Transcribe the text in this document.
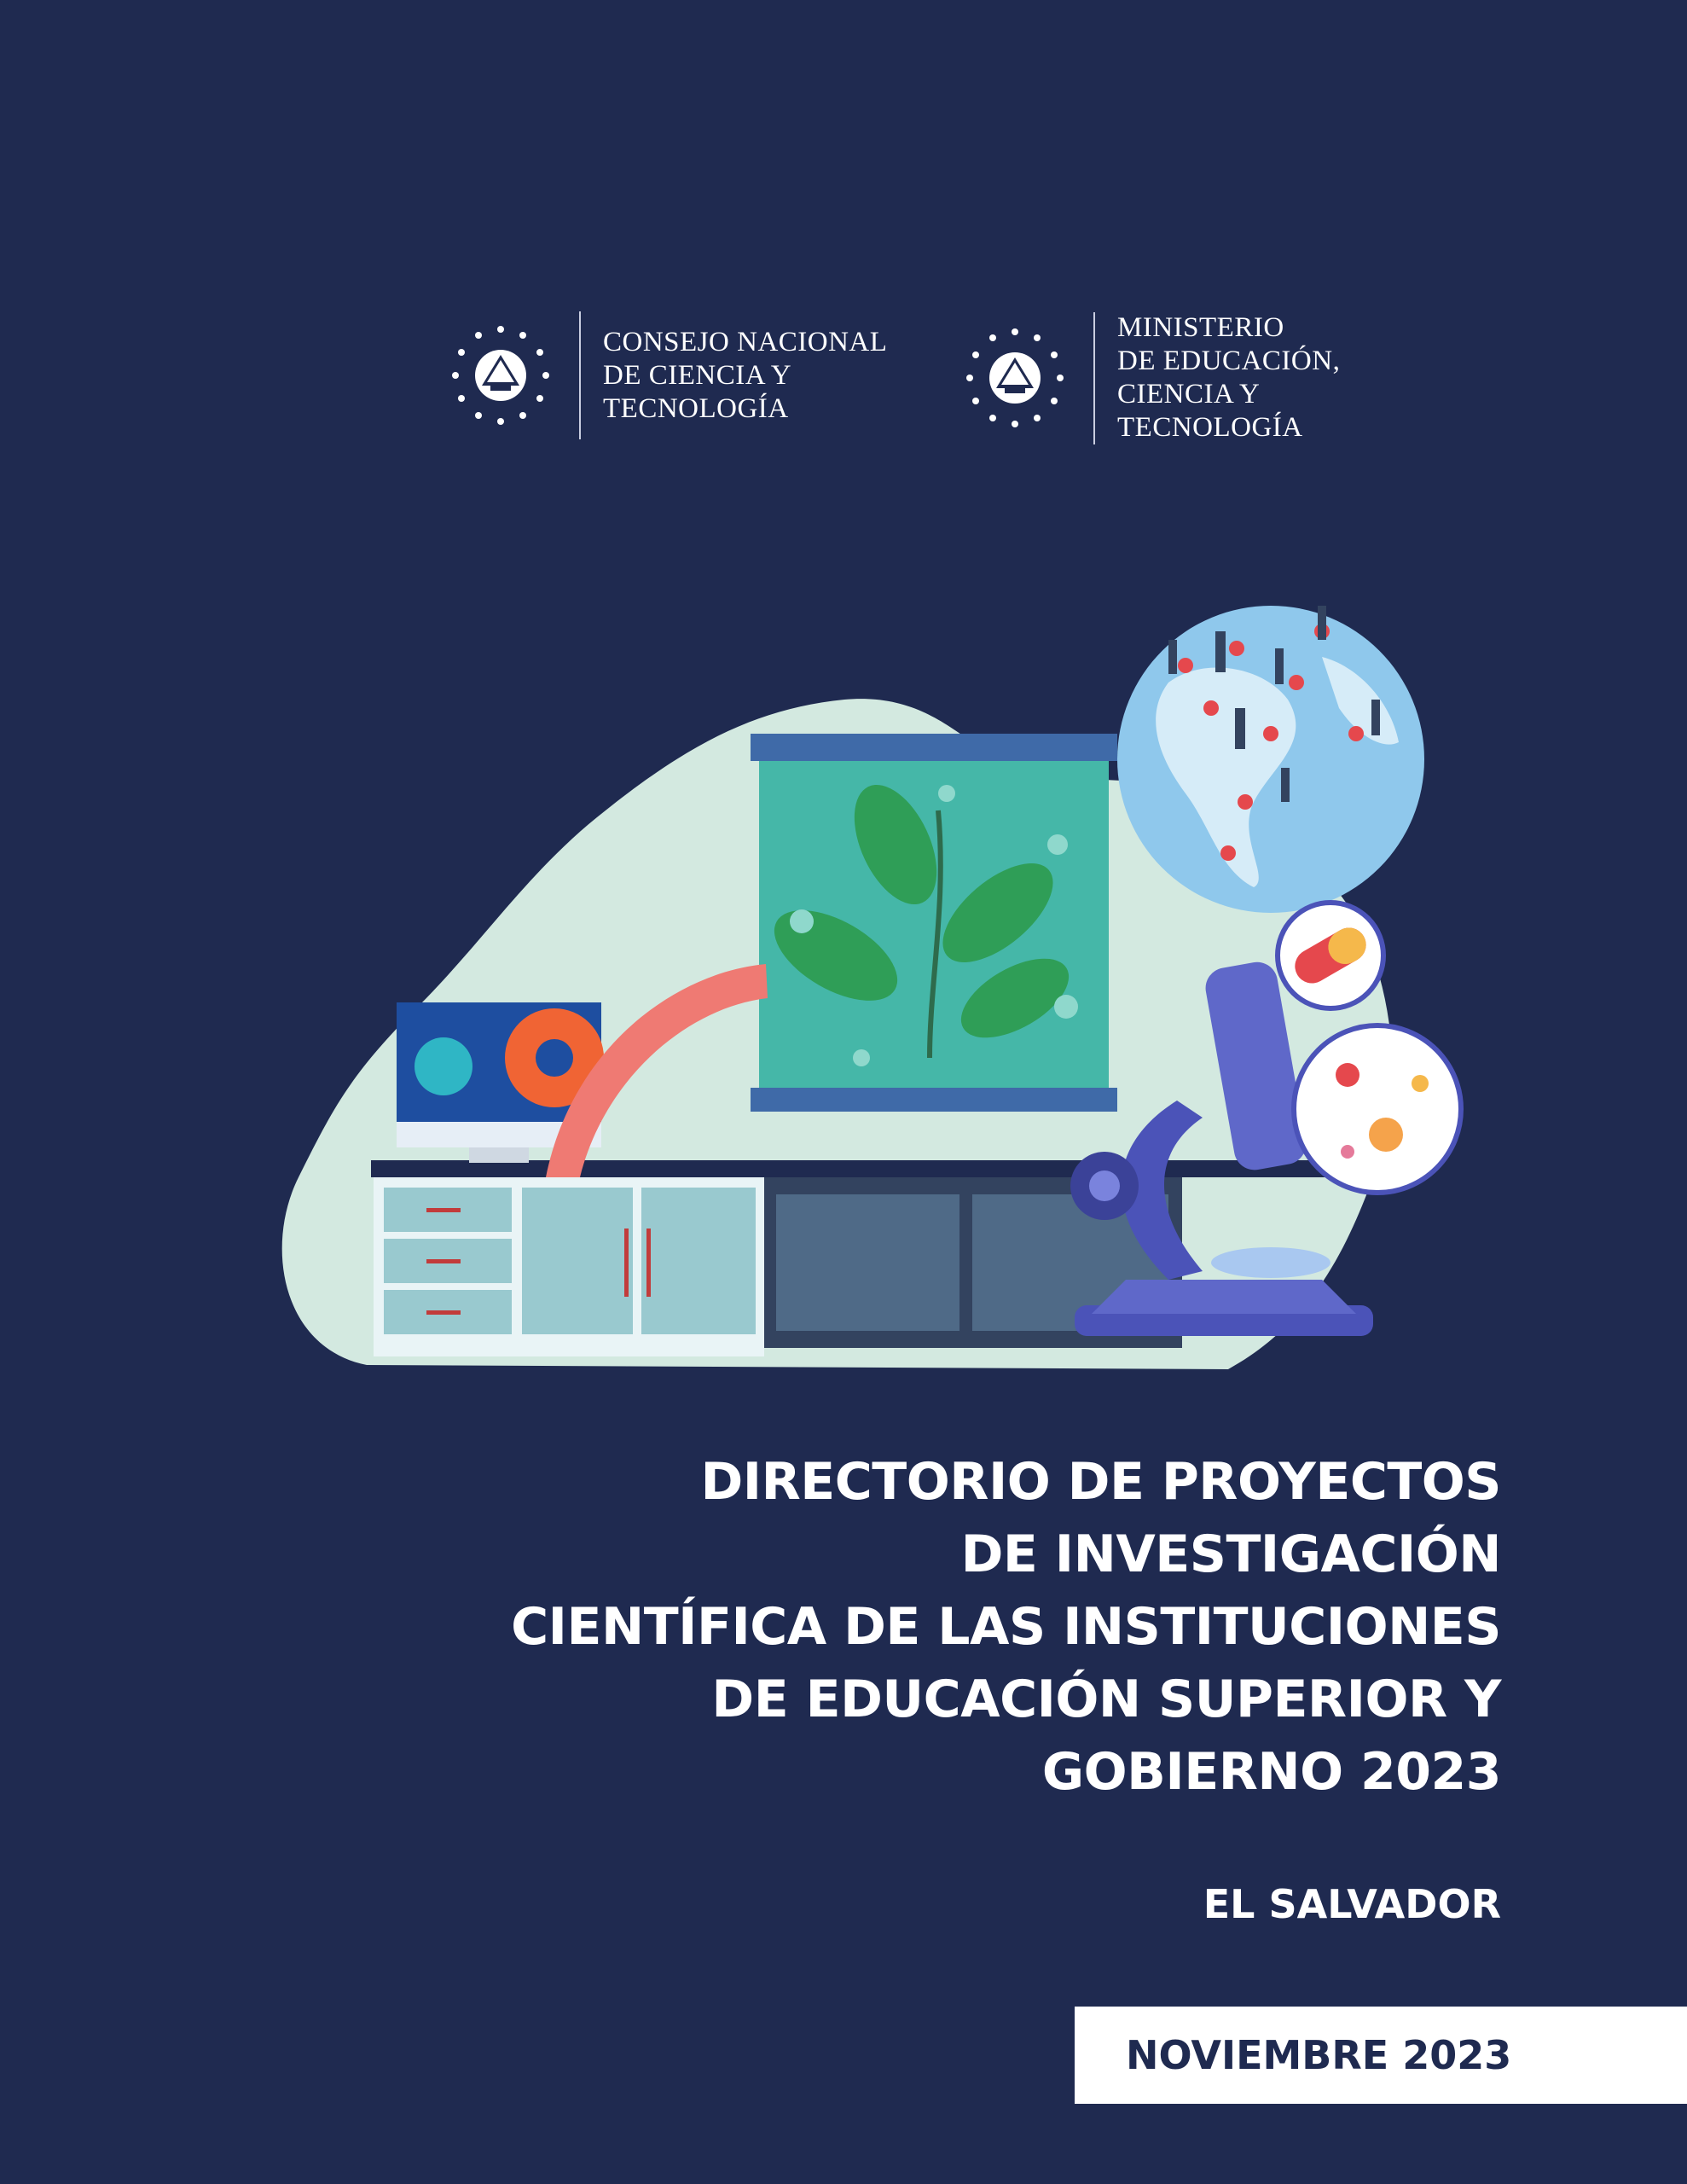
CONSEJO NACIONAL
DE CIENCIA Y
TECNOLOGÍA
MINISTERIO
DE EDUCACIÓN,
CIENCIA Y
TECNOLOGÍA
DIRECTORIO DE PROYECTOS
DE INVESTIGACIÓN
CIENTÍFICA DE LAS INSTITUCIONES
DE EDUCACIÓN SUPERIOR Y
GOBIERNO 2023
EL SALVADOR
NOVIEMBRE 2023
